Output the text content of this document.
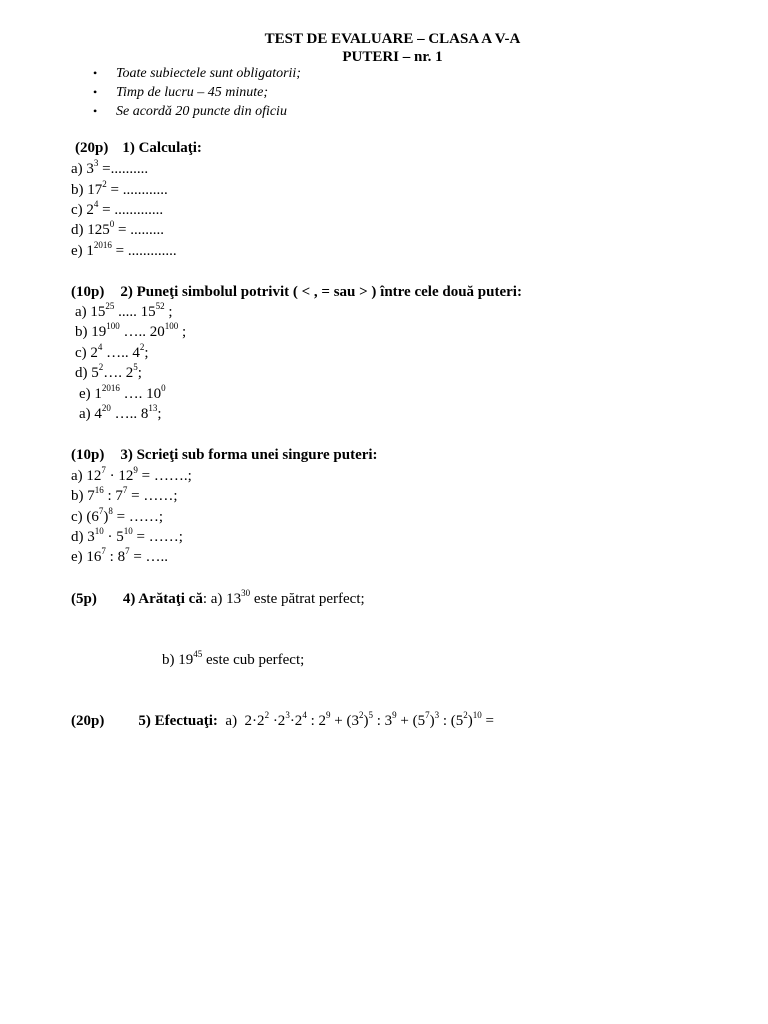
TEST DE EVALUARE – CLASA A V-A
PUTERI – nr. 1
• Toate subiectele sunt obligatorii;
• Timp de lucru – 45 minute;
• Se acordă 20 puncte din oficiu
(20p) 1) Calculaţi:
a) $3^3$ =..........
b) $17^2$ = ............
c) $2^4$ = .............
d) $125^0$ = .........
e) $1^{2016}$ = .............
(10p) 2) Puneţi simbolul potrivit ( < , = sau > ) între cele două puteri:
a) $15^{25}$ ..... $15^{52}$ ;
b) $19^{100}$ ….. $20^{100}$ ;
c) $2^4$ ….. $4^2$;
d) $5^2\dots$. $2^5$;
e) $1^{2016}$ …. $10^0$
a) $4^{20}$ ….. $8^{13}$;
(10p) 3) Scrieţi sub forma unei singure puteri:
a) $12^7 \cdot 12^9$ = …….;
b) $7^{16}$ : $7^7$ = ……;
c) $(6^7)^8$ = ……;
d) $3^{10} \cdot 5^{10}$ = ……;
e) $16^7$ : $8^7$ = …..
(5p) 4) Arătaţi că: a) $13^{30}$ este pătrat perfect;
b) $19^{45}$ este cub perfect;
(20p) 5) Efectuaţi:  a)  $2\cdot 2^2 \cdot 2^3\cdot 2^4$ : $2^9 + (3^2)^5$ : $3^9 + (5^7)^3$ : $(5^2)^{10}$ =
